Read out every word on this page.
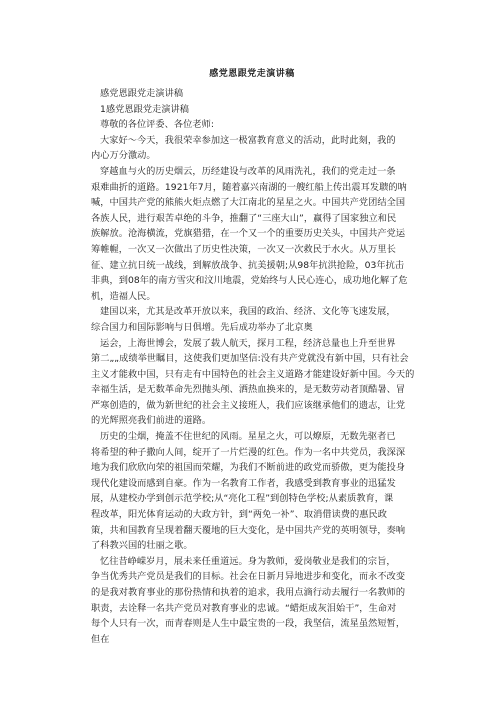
感党恩跟党走演讲稿
感党恩跟党走演讲稿
1感党恩跟党走演讲稿
尊敬的各位评委、各位老师:
大家好～今天，我很荣幸参加这一极富教育意义的活动，此时此刻，我的
内心万分激动。
穿越血与火的历史烟云，历经建设与改革的风雨洗礼，我们的党走过一条
艰难曲折的道路。1921年7月，随着嘉兴南湖的一艘红船上传出震耳发聩的呐
喊，中国共产党的熊熊火炬点燃了大江南北的星星之火。中国共产党团结全国
各族人民，进行艰苦卓绝的斗争，推翻了“三座大山”，赢得了国家独立和民
族解放。沧海横流，党旗猎猎，在一个又一个的重要历史关头，中国共产党运
筹帷幄，一次又一次做出了历史性决策，一次又一次救民于水火。从万里长
征、建立抗日统一战线，到解放战争、抗美援朝;从98年抗洪抢险，03年抗击
非典，到08年的南方雪灾和汶川地震，党始终与人民心连心，成功地化解了危
机，造福人民。
建国以来，尤其是改革开放以来，我国的政治、经济、文化等飞速发展，
综合国力和国际影响与日俱增。先后成功举办了北京奥
运会，上海世博会，发展了载人航天，探月工程，经济总量也上升至世界
第二„„成绩举世瞩目，这使我们更加坚信:没有共产党就没有新中国，只有社会
主义才能救中国，只有走有中国特色的社会主义道路才能建设好新中国。今天的
幸福生活，是无数革命先烈抛头颅、洒热血换来的，是无数劳动者顶酷暑、冒
严寒创造的，做为新世纪的社会主义接班人，我们应该继承他们的遗志，让党
的光辉照亮我们前进的道路。
历史的尘烟，掩盖不住世纪的风雨。星星之火，可以燎原，无数先驱者已
将希望的种子撒向人间，绽开了一片烂漫的红色。作为一名中共党员，我深深
地为我们欣欣向荣的祖国而荣耀，为我们不断前进的政党而骄傲，更为能投身
现代化建设而感到自豪。作为一名教育工作者，我感受到教育事业的迅猛发
展，从建校办学到创示范学校;从“亮化工程”到创特色学校;从素质教育，课
程改革，阳光体育运动的大政方针，到“两免一补”、取消借读费的惠民政
策，共和国教育呈现着翻天覆地的巨大变化，是中国共产党的英明领导，奏响
了科教兴国的壮丽之歌。
忆往昔峥嵘岁月，展未来任重道远。身为教师，爱岗敬业是我们的宗旨，
争当优秀共产党员是我们的目标。社会在日新月异地进步和变化，而永不改变
的是我对教育事业的那份热情和执着的追求，我用点滴行动去履行一名教师的
职责，去诠释一名共产党员对教育事业的忠诚。“蜡炬成灰泪始干”，生命对
每个人只有一次，而青春则是人生中最宝贵的一段，我坚信，流星虽然短暂，
但在
